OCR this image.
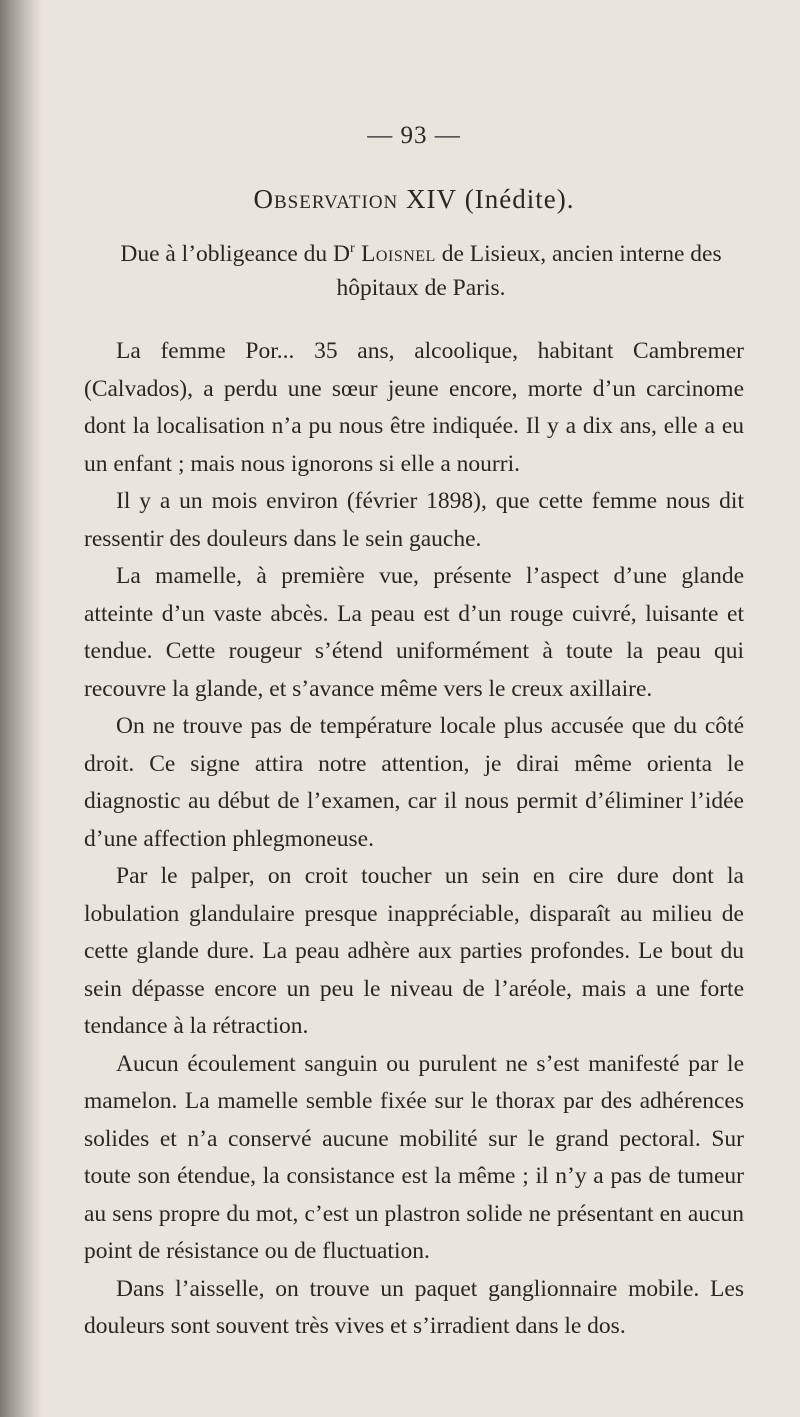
— 93 —
Observation XIV (Inédite).
Due à l’obligeance du $D^r$ Loisnel de Lisieux, ancien interne des hôpitaux de Paris.

La femme Por... 35 ans, alcoolique, habitant Cambremer (Calvados), a perdu une sœur jeune encore, morte d’un carcinome dont la localisation n’a pu nous être indiquée. Il y a dix ans, elle a eu un enfant ; mais nous ignorons si elle a nourri.

Il y a un mois environ (février 1898), que cette femme nous dit ressentir des douleurs dans le sein gauche.

La mamelle, à première vue, présente l’aspect d’une glande atteinte d’un vaste abcès. La peau est d’un rouge cuivré, luisante et tendue. Cette rougeur s’étend uniformément à toute la peau qui recouvre la glande, et s’avance même vers le creux axillaire.

On ne trouve pas de température locale plus accusée que du côté droit. Ce signe attira notre attention, je dirai même orienta le diagnostic au début de l’examen, car il nous permit d’éliminer l’idée d’une affection phlegmoneuse.

Par le palper, on croit toucher un sein en cire dure dont la lobulation glandulaire presque inappréciable, disparaît au milieu de cette glande dure. La peau adhère aux parties profondes. Le bout du sein dépasse encore un peu le niveau de l’aréole, mais a une forte tendance à la rétraction.

Aucun écoulement sanguin ou purulent ne s’est manifesté par le mamelon. La mamelle semble fixée sur le thorax par des adhérences solides et n’a conservé aucune mobilité sur le grand pectoral. Sur toute son étendue, la consistance est la même ; il n’y a pas de tumeur au sens propre du mot, c’est un plastron solide ne présentant en aucun point de résistance ou de fluctuation.

Dans l’aisselle, on trouve un paquet ganglionnaire mobile. Les douleurs sont souvent très vives et s’irradient dans le dos.
